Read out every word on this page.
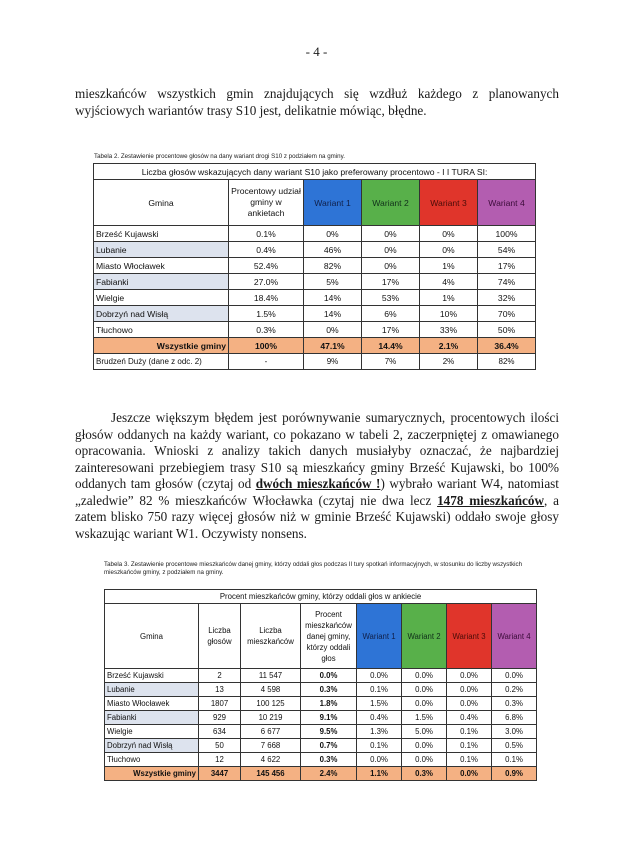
- 4 -
mieszkańców wszystkich gmin znajdujących się wzdłuż każdego z planowanych wyjściowych wariantów trasy S10 jest, delikatnie mówiąc, błędne.
Tabela 2. Zestawienie procentowe głosów na dany wariant drogi S10 z podziałem na gminy.
Liczba głosów wskazujących dany wariant S10 jako preferowany procentowo - I I TURA SI:					
Gmina	Procentowy udział gminy w ankietach	Wariant 1	Wariant 2	Wariant 3	Wariant 4
Brześć Kujawski	0.1%	0%	0%	0%	100%
Lubanie	0.4%	46%	0%	0%	54%
Miasto Włocławek	52.4%	82%	0%	1%	17%
Fabianki	27.0%	5%	17%	4%	74%
Wielgie	18.4%	14%	53%	1%	32%
Dobrzyń nad Wisłą	1.5%	14%	6%	10%	70%
Tłuchowo	0.3%	0%	17%	33%	50%
Wszystkie gminy	100%	47.1%	14.4%	2.1%	36.4%
Brudzeń Duży (dane z odc. 2)	-	9%	7%	2%	82%
Jeszcze większym błędem jest porównywanie sumarycznych, procentowych ilości głosów oddanych na każdy wariant, co pokazano w tabeli 2, zaczerpniętej z omawianego opracowania. Wnioski z analizy takich danych musiałyby oznaczać, że najbardziej zainteresowani przebiegiem trasy S10 są mieszkańcy gminy Brześć Kujawski, bo 100% oddanych tam głosów (czytaj od dwóch mieszkańców !) wybrało wariant W4, natomiast „zaledwie” 82 % mieszkańców Włocławka (czytaj nie dwa lecz 1478 mieszkańców, a zatem blisko 750 razy więcej głosów niż w gminie Brześć Kujawski) oddało swoje głosy wskazując wariant W1. Oczywisty nonsens.
Tabela 3. Zestawienie procentowe mieszkańców danej gminy, którzy oddali głos podczas II tury spotkań informacyjnych, w stosunku do liczby wszystkich mieszkańców gminy, z podziałem na gminy.
Procent mieszkańców gminy, którzy oddali głos w ankiecie							
Gmina	Liczba głosów	Liczba mieszkańców	Procent mieszkańców danej gminy, którzy oddali głos	Wariant 1	Wariant 2	Wariant 3	Wariant 4
Brześć Kujawski	2	11 547	0.0%	0.0%	0.0%	0.0%	0.0%
Lubanie	13	4 598	0.3%	0.1%	0.0%	0.0%	0.2%
Miasto Włocławek	1807	100 125	1.8%	1.5%	0.0%	0.0%	0.3%
Fabianki	929	10 219	9.1%	0.4%	1.5%	0.4%	6.8%
Wielgie	634	6 677	9.5%	1.3%	5.0%	0.1%	3.0%
Dobrzyń nad Wisłą	50	7 668	0.7%	0.1%	0.0%	0.1%	0.5%
Tłuchowo	12	4 622	0.3%	0.0%	0.0%	0.1%	0.1%
Wszystkie gminy	3447	145 456	2.4%	1.1%	0.3%	0.0%	0.9%
